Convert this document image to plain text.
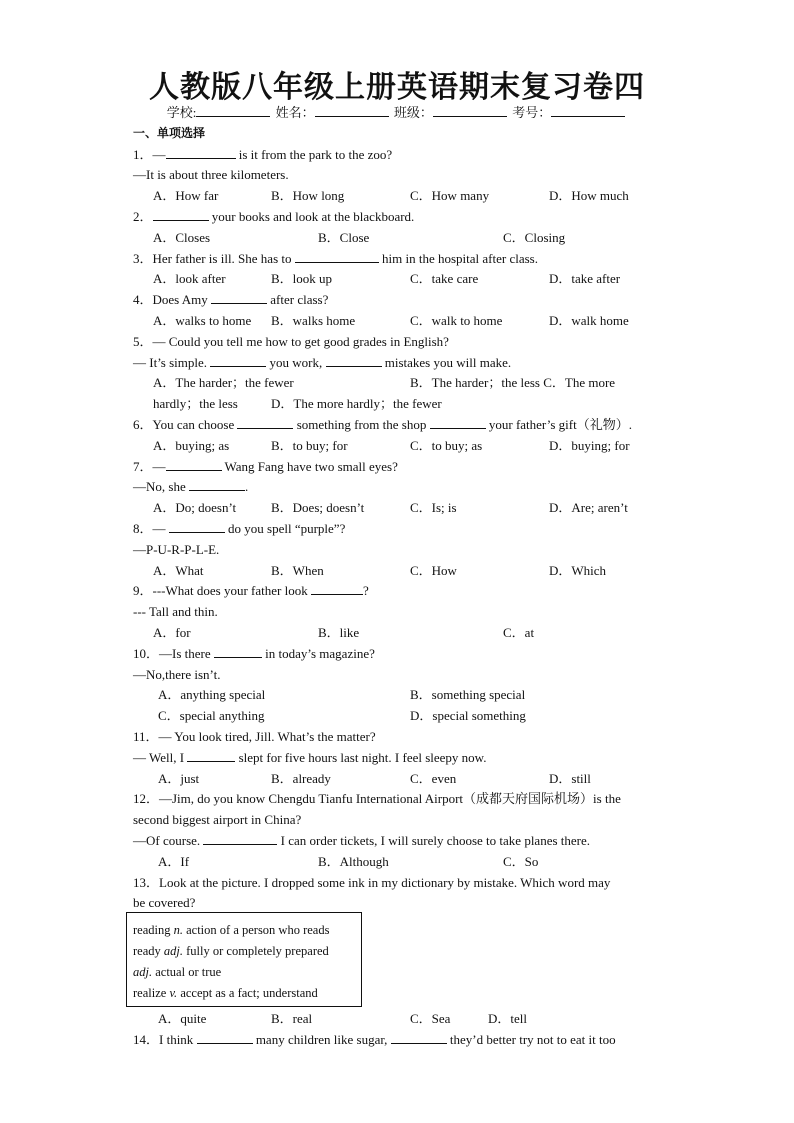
人教版八年级上册英语期末复习卷四
学校:	姓名：	班级：	考号：
一、单项选择
1．—	is it from the park to the zoo?
—It is about three kilometers.
A．How far	B．How long	C．How many	D．How much
2．	your books and look at the blackboard.
A．Closes	B．Close	C．Closing
3．Her father is ill. She has to	him in the hospital after class.
A．look after	B．look up	C．take care	D．take after
4．Does Amy	after class?
A．walks to home B．walks home	C．walk to home	D．walk home
5．— Could you tell me how to get good grades in English?
— It’s simple.	you work,	mistakes you will make.
A．The harder；the fewer	B．The harder；the less C．The more
hardly；the less	D．The more hardly；the fewer
6．You can choose	something from the shop	your father’s gift（礼物）.
A．buying; as	B．to buy; for	C．to buy; as	D．buying; for
7．—	Wang Fang have two small eyes?
—No, she	.
A．Do; doesn’t	B．Does; doesn’t	C．Is; is	D．Are; aren’t
8．—	do you spell “purple”?
—P-U-R-P-L-E.
A．What	B．When	C．How	D．Which
9．---What does your father look	?
--- Tall and thin.
A．for	B．like	C．at
10．—Is there	in today’s magazine?
—No,there isn’t.
A．anything special	B．something special
C．special anything	D．special something
11．— You look tired, Jill. What’s the matter?
— Well, I	slept for five hours last night. I feel sleepy now.
A．just	B．already	C．even	D．still
12．—Jim, do you know Chengdu Tianfu International Airport（成都天府国际机场）is the
second biggest airport in China?
—Of course.	I can order tickets, I will surely choose to take planes there.
A．If	B．Although	C．So
13．Look at the picture. I dropped some ink in my dictionary by mistake. Which word may
be covered?
reading n. action of a person who reads
ready adj. fully or completely prepared
adj. actual or true
realize v. accept as a fact; understand
A．quite	B．real	C．Sea	D．tell
14．I think	many children like sugar,	they’d better try not to eat it too
